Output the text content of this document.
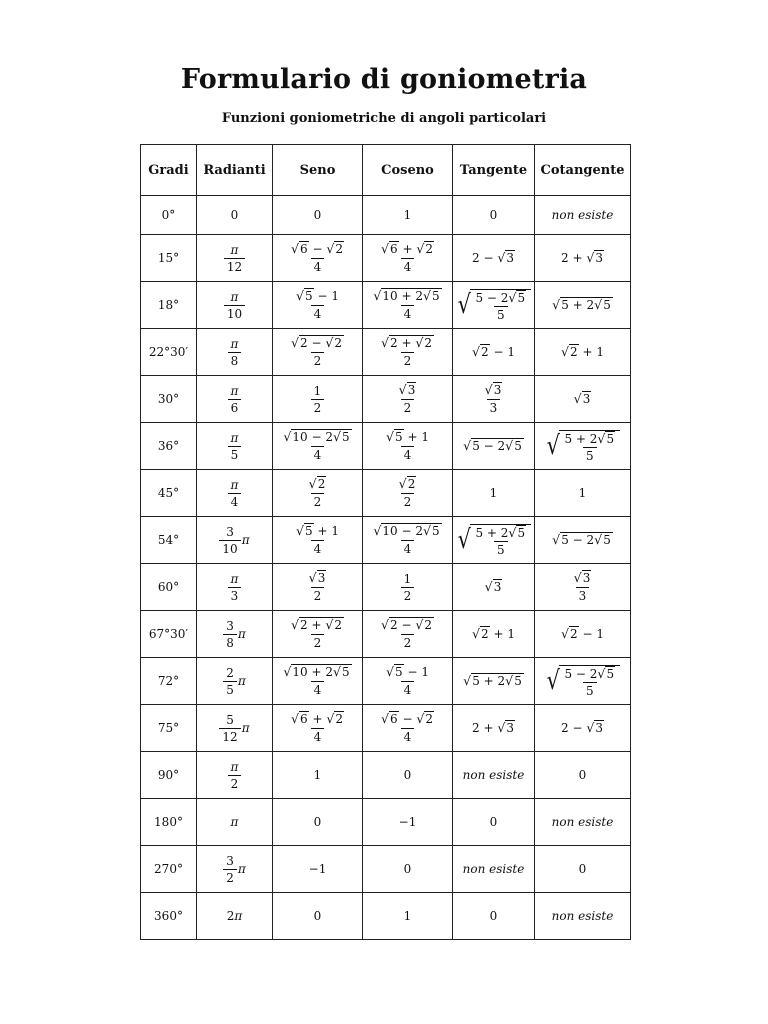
Formulario di goniometria
Funzioni goniometriche di angoli particolari
Gradi	Radianti	Seno	Coseno	Tangente	Cotangente
0°	0	0	1	0	non esiste
15°	$\frac{\pi}{12}$	$\frac{√6 - √2}{4}$	$\frac{√6 + √2}{4}$	2 − √3	2 + √3
18°	$\frac{\pi}{10}$	$\frac{√5 - 1}{4}$	$\frac{√10 + 2√5}{4}$	√ $\frac{5 - 2√5}{5}$	√5 + 2√5
22°30′	$\frac{\pi}{8}$	$\frac{√2 - √2}{2}$	$\frac{√2 + √2}{2}$	√2 − 1	√2 + 1
30°	$\frac{\pi}{6}$	$\frac{1}{2}$	$\frac{√3}{2}$	$\frac{√3}{3}$	√3
36°	$\frac{\pi}{5}$	$\frac{√10 - 2√5}{4}$	$\frac{√5 + 1}{4}$	√5 − 2√5	√ $\frac{5 + 2√5}{5}$

45°	$\frac{\pi}{4}$	$\frac{√2}{2}$	$\frac{√2}{2}$	1	1
54°	$\frac{3}{10}$ π	$\frac{√5 + 1}{4}$	$\frac{√10 - 2√5}{4}$	√ $\frac{5 + 2√5}{5}$	√5 − 2√5
60°	$\frac{\pi}{3}$	$\frac{√3}{2}$	$\frac{1}{2}$	√3	$\frac{√3}{3}$

67°30′	$\frac{3}{8}$ π	$\frac{√2 + √2}{2}$	$\frac{√2 - √2}{2}$	√2 + 1	√2 − 1
72°	$\frac{2}{5}$ π	$\frac{√10 + 2√5}{4}$	$\frac{√5 - 1}{4}$	√5 + 2√5	√ $\frac{5 - 2√5}{5}$

75°	$\frac{5}{12}$ π	$\frac{√6 + √2}{4}$	$\frac{√6 - √2}{4}$	2 + √3	2 − √3
90°	$\frac{\pi}{2}$	1	0	non esiste	0
180°	π	0	−1	0	non esiste
270°	$\frac{3}{2}$ π	−1	0	non esiste	0
360°	2π	0	1	0	non esiste
